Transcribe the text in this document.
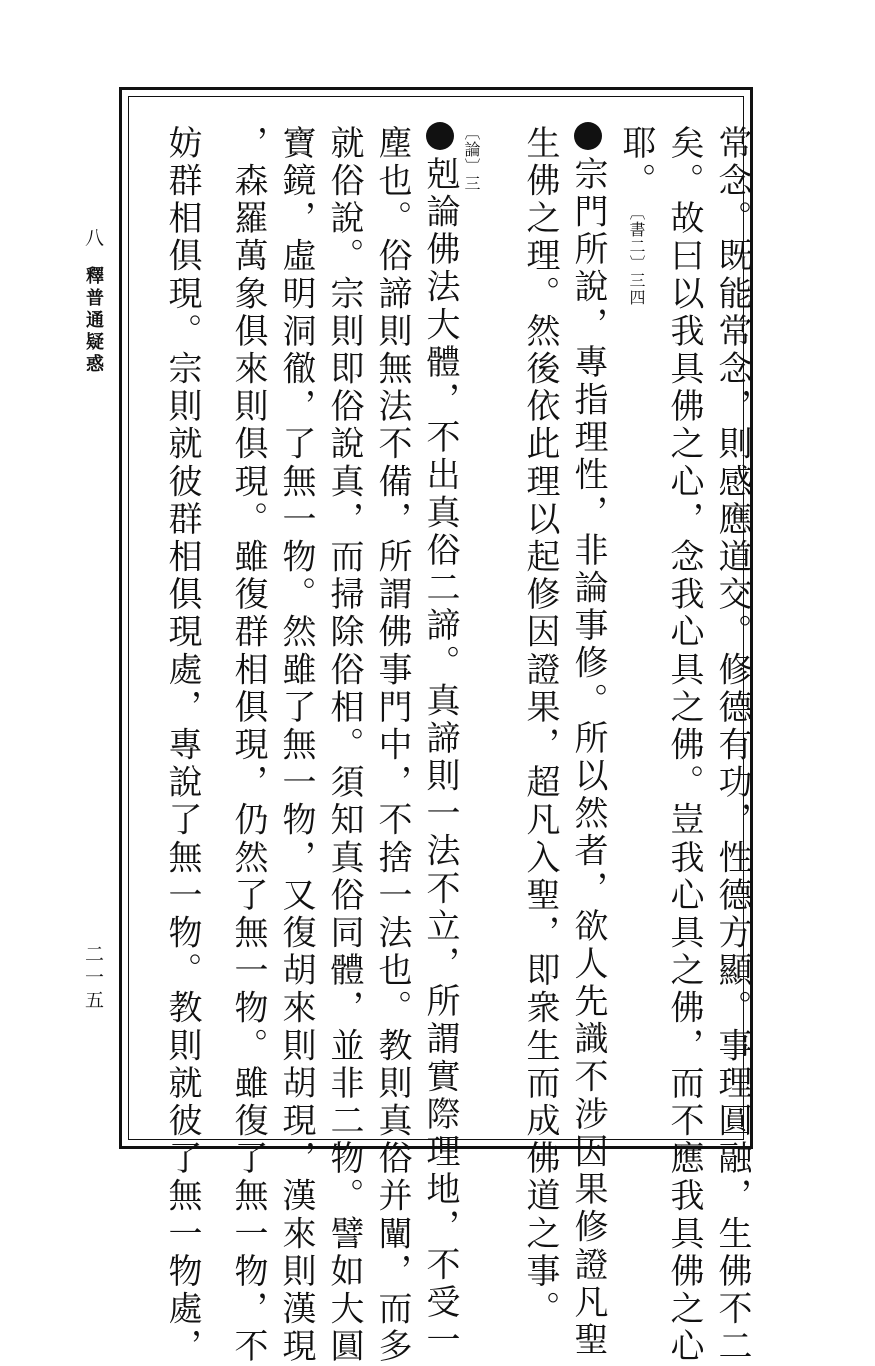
八
釋普通疑惑
二一五	常念。既能常念，則感應道交。修德有功，性德方顯。事理圓融，生佛不二
矣。故曰以我具佛之心，念我心具之佛。豈我心具之佛，而不應我具佛之心
耶。〔書二〕三四
宗門所說，專指理性，非論事修。所以然者，欲人先識不涉因果修證凡聖
生佛之理。然後依此理以起修因證果，超凡入聖，即衆生而成佛道之事。
〔論〕三
剋論佛法大體，不出真俗二諦。真諦則一法不立，所謂實際理地，不受一
塵也。俗諦則無法不備，所謂佛事門中，不捨一法也。教則真俗并闡，而多
就俗說。宗則即俗說真，而掃除俗相。須知真俗同體，並非二物。譬如大圓
寶鏡，虛明洞徹，了無一物。然雖了無一物，又復胡來則胡現，漢來則漢現
，森羅萬象俱來則俱現。雖復群相俱現，仍然了無一物。雖復了無一物，不
妨群相俱現。宗則就彼群相俱現處，專說了無一物。教則就彼了無一物處，
